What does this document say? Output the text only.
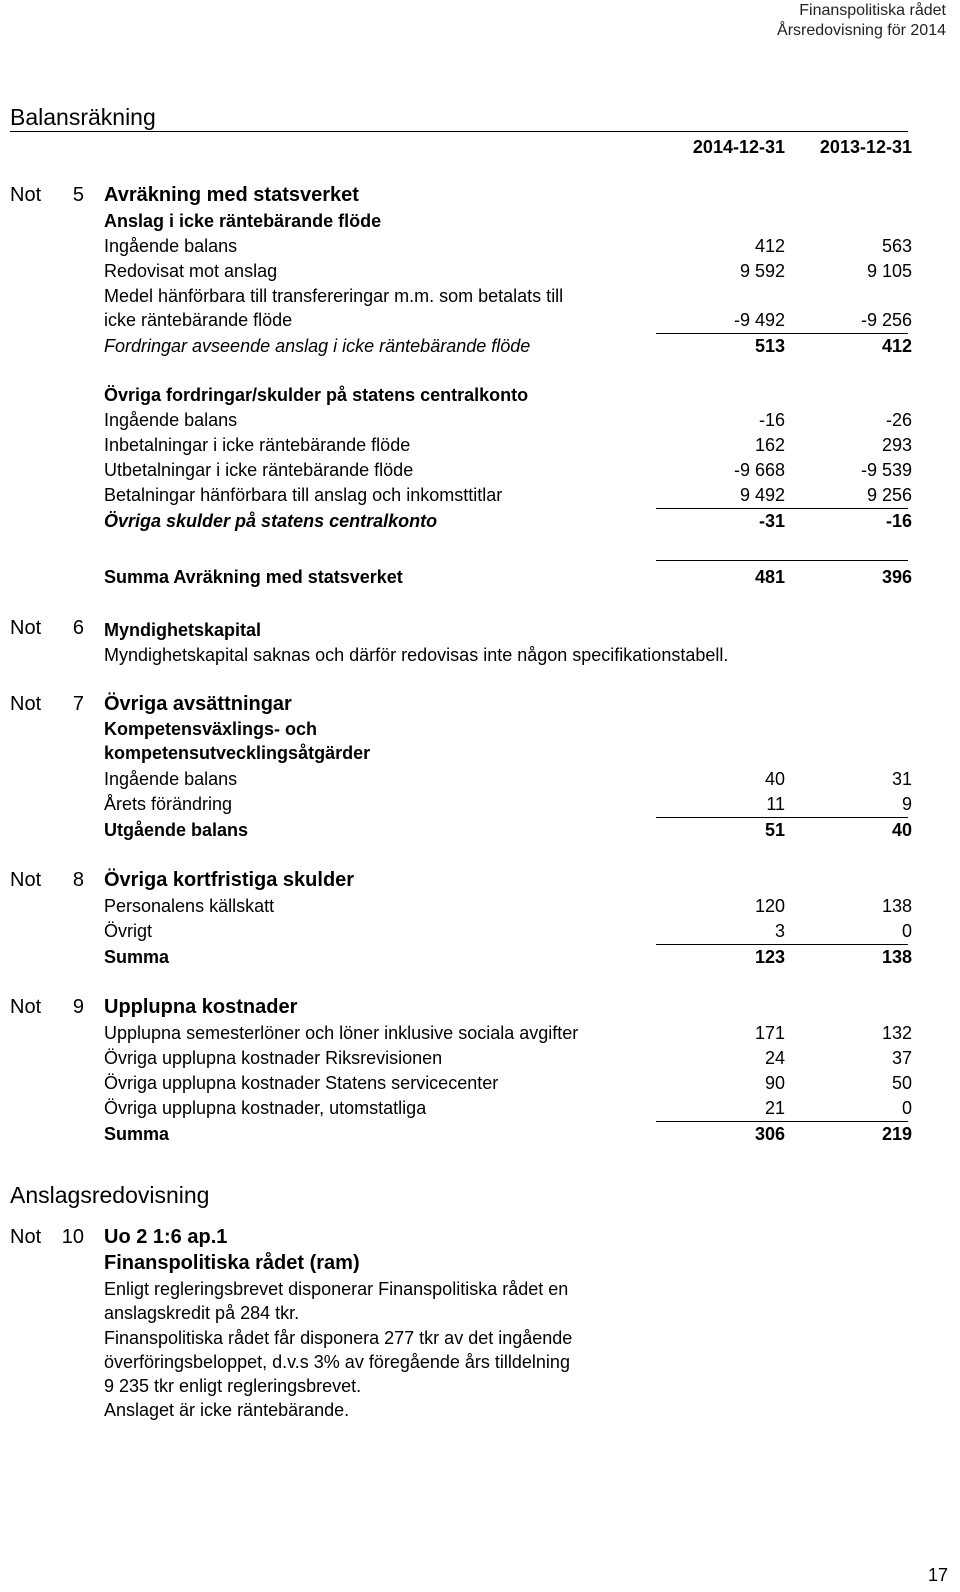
Finanspolitiska rådet
Årsredovisning för 2014
Balansräkning
2014-12-31 2013-12-31
Not	5 Avräkning med statsverket
Anslag i icke räntebärande flöde
Ingående balans	412	563
Redovisat mot anslag	9 592	9 105
Medel hänförbara till transfereringar m.m. som betalats till
icke räntebärande flöde	-9 492	-9 256
Fordringar avseende anslag i icke räntebärande flöde	513	412
Övriga fordringar/skulder på statens centralkonto
Ingående balans	-16	-26
Inbetalningar i icke räntebärande flöde	162	293
Utbetalningar i icke räntebärande flöde	-9 668	-9 539
Betalningar hänförbara till anslag och inkomsttitlar	9 492	9 256
Övriga skulder på statens centralkonto	-31	-16
Summa Avräkning med statsverket	481	396
Not	6 Myndighetskapital
Myndighetskapital saknas och därför redovisas inte någon specifikationstabell.
Not	7 Övriga avsättningar
Kompetensväxlings- och
kompetensutvecklingsåtgärder
Ingående balans	40	31
Årets förändring	11	9
Utgående balans	51	40
Not	8 Övriga kortfristiga skulder
Personalens källskatt	120	138
Övrigt	3	0
Summa	123	138
Not	9 Upplupna kostnader
Upplupna semesterlöner och löner inklusive sociala avgifter	171	132
Övriga upplupna kostnader Riksrevisionen	24	37
Övriga upplupna kostnader Statens servicecenter	90	50
Övriga upplupna kostnader, utomstatliga	21	0
Summa	306	219
Anslagsredovisning
Not 10 Uo 2 1:6 ap.1
Finanspolitiska rådet (ram)
Enligt regleringsbrevet disponerar Finanspolitiska rådet en
anslagskredit på 284 tkr.
Finanspolitiska rådet får disponera 277 tkr av det ingående
överföringsbeloppet, d.v.s 3% av föregående års tilldelning
9 235 tkr enligt regleringsbrevet.
Anslaget är icke räntebärande.
17
